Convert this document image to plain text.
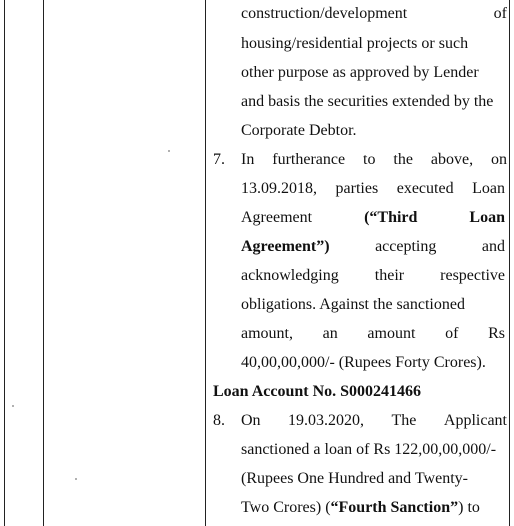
construction/development	of
housing/residential projects or such
other purpose as approved by Lender
and basis the securities extended by the
Corporate Debtor.
7. In furtherance to the above, on
13.09.2018, parties executed Loan
Agreement	(“Third	Loan
Agreement”)	accepting	and
acknowledging their respective
obligations. Against the sanctioned
amount, an amount of Rs
40,00,00,000/- (Rupees Forty Crores).
Loan Account No. S000241466
8. On 19.03.2020, The Applicant
sanctioned a loan of Rs 122,00,00,000/-
(Rupees One Hundred and Twenty-
Two Crores) (“Fourth Sanction”) to
